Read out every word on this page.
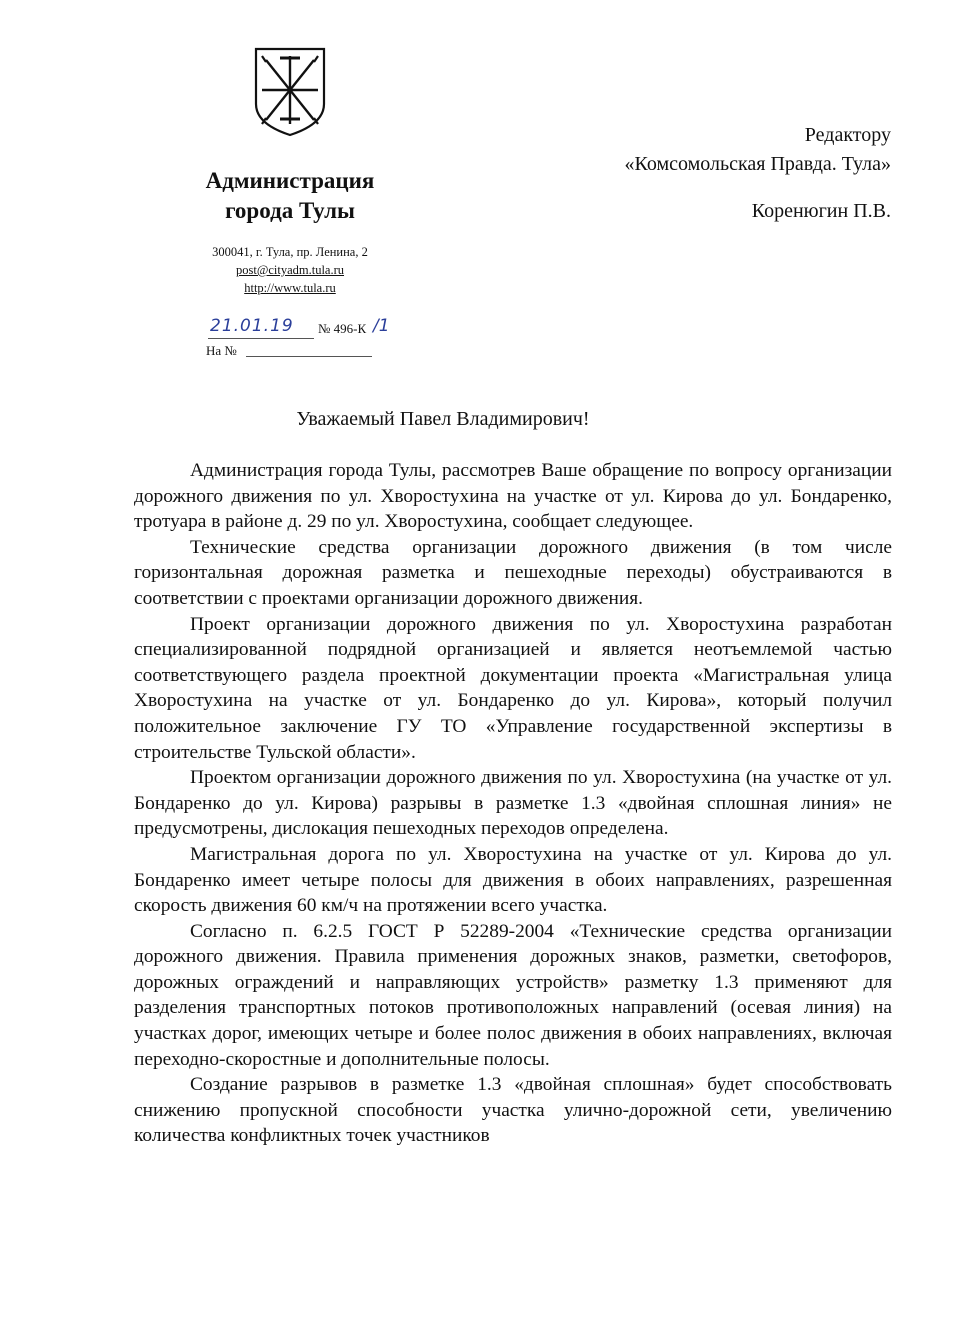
Администрация
города Тулы
300041, г. Тула, пр. Ленина, 2
post@cityadm.tula.ru
http://www.tula.ru
21.01.19 № 496-К /1
На №
Редактору
«Комсомольская Правда. Тула»
Коренюгин П.В.
Уважаемый Павел Владимирович!

Администрация города Тулы, рассмотрев Ваше обращение по вопросу организации дорожного движения по ул. Хворостухина на участке от ул. Кирова до ул. Бондаренко, тротуара в районе д. 29 по ул. Хворостухина, сообщает следующее.

Технические средства организации дорожного движения (в том числе горизонтальная дорожная разметка и пешеходные переходы) обустраиваются в соответствии с проектами организации дорожного движения.

Проект организации дорожного движения по ул. Хворостухина разработан специализированной подрядной организацией и является неотъемлемой частью соответствующего раздела проектной документации проекта «Магистральная улица Хворостухина на участке от ул. Бондаренко до ул. Кирова», который получил положительное заключение ГУ ТО «Управление государственной экспертизы в строительстве Тульской области».

Проектом организации дорожного движения по ул. Хворостухина (на участке от ул. Бондаренко до ул. Кирова) разрывы в разметке 1.3 «двойная сплошная линия» не предусмотрены, дислокация пешеходных переходов определена.

Магистральная дорога по ул. Хворостухина на участке от ул. Кирова до ул. Бондаренко имеет четыре полосы для движения в обоих направлениях, разрешенная скорость движения 60 км/ч на протяжении всего участка.

Согласно п. 6.2.5 ГОСТ Р 52289-2004 «Технические средства организации дорожного движения. Правила применения дорожных знаков, разметки, светофоров, дорожных ограждений и направляющих устройств» разметку 1.3 применяют для разделения транспортных потоков противоположных направлений (осевая линия) на участках дорог, имеющих четыре и более полос движения в обоих направлениях, включая переходно-скоростные и дополнительные полосы.

Создание разрывов в разметке 1.3 «двойная сплошная» будет способствовать снижению пропускной способности участка улично-дорожной сети, увеличению количества конфликтных точек участников
